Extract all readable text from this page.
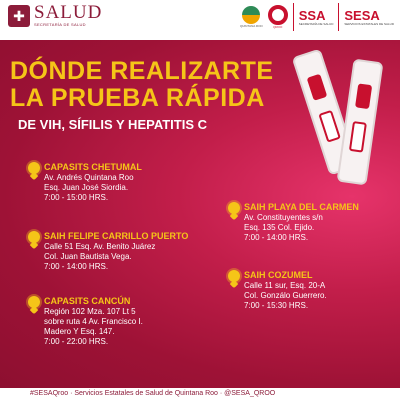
✚ SALUD
SECRETARÍA DE SALUD	QUINTANA ROO	QROO
SSA
SECRETARÍA DE SALUD
SESA
SERVICIOS ESTATALES DE SALUD
DÓNDE REALIZARTE
LA PRUEBA RÁPIDA
DE VIH, SÍFILIS Y HEPATITIS C
CAPASITS CHETUMAL
Av. Andrés Quintana Roo
Esq. Juan José Siordia.
7:00 - 15:00 HRS.
SAIH FELIPE CARRILLO PUERTO
Calle 51 Esq. Av. Benito Juárez
Col. Juan Bautista Vega.
7:00 - 14:00 HRS.
CAPASITS CANCÚN
Región 102 Mza. 107 Lt 5
sobre ruta 4 Av. Francisco I.
Madero Y Esq. 147.
7:00 - 22:00 HRS.
SAIH PLAYA DEL CARMEN
Av. Constituyentes s/n
Esq. 135 Col. Ejido.
7:00 - 14:00 HRS.
SAIH COZUMEL
Calle 11 sur, Esq. 20-A
Col. Gonzálo Guerrero.
7:00 - 15:30 HRS.
#SESAQroo · Servicios Estatales de Salud de Quintana Roo · @SESA_QROO
